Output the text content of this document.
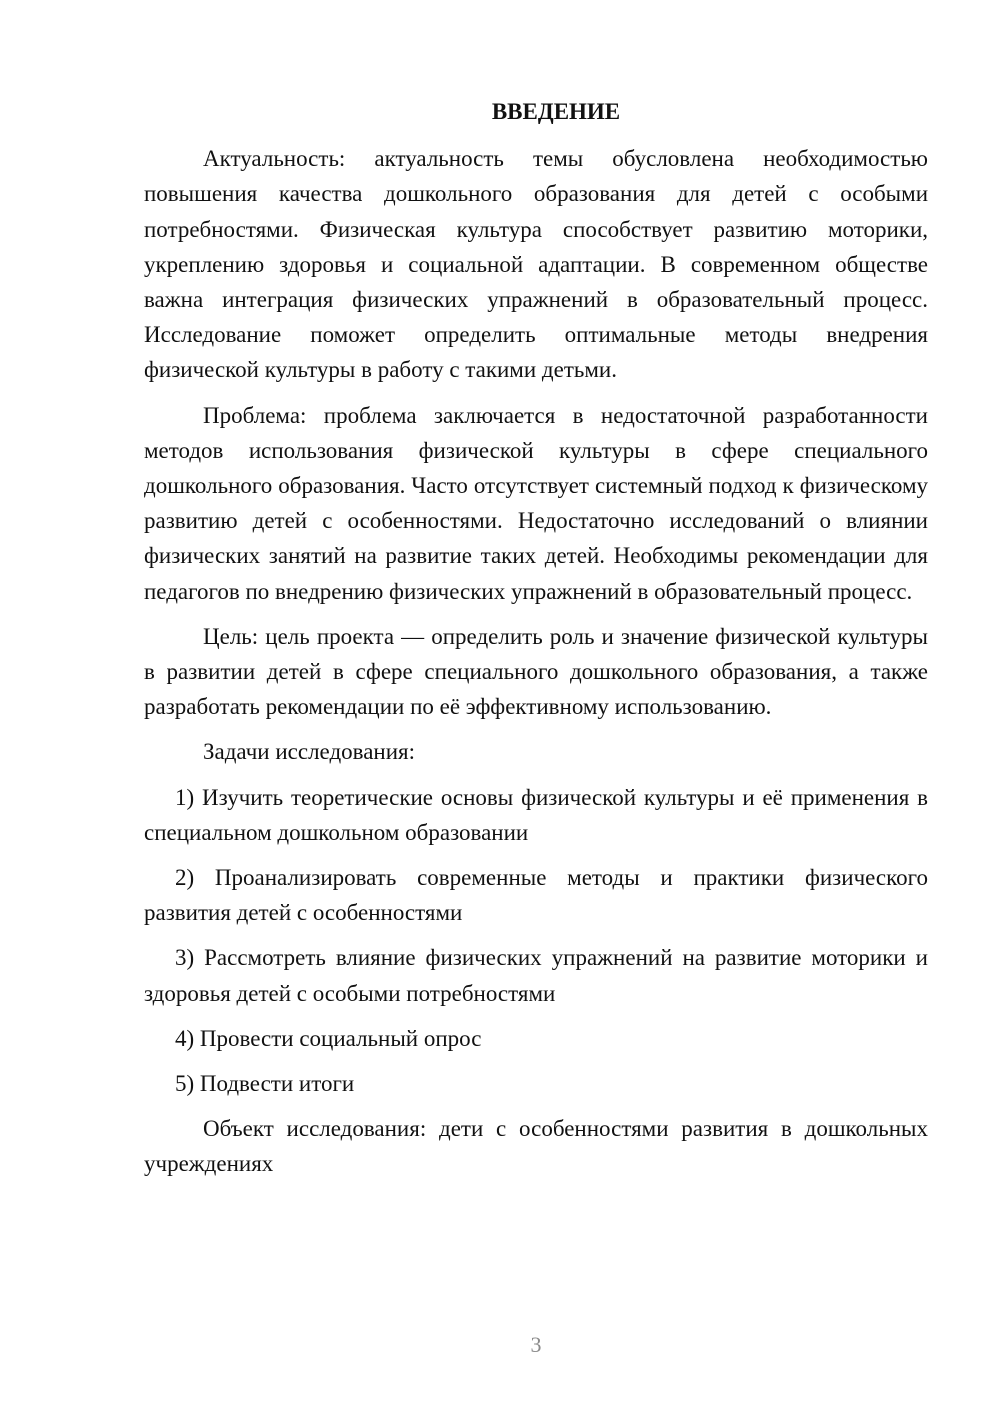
ВВЕДЕНИЕ

Актуальность: актуальность темы обусловлена необходимостью повышения качества дошкольного образования для детей с особыми потребностями. Физическая культура способствует развитию моторики, укреплению здоровья и социальной адаптации. В современном обществе важна интеграция физических упражнений в образовательный процесс. Исследование поможет определить оптимальные методы внедрения физической культуры в работу с такими детьми.

Проблема: проблема заключается в недостаточной разработанности методов использования физической культуры в сфере специального дошкольного образования. Часто отсутствует системный подход к физическому развитию детей с особенностями. Недостаточно исследований о влиянии физических занятий на развитие таких детей. Необходимы рекомендации для педагогов по внедрению физических упражнений в образовательный процесс.

Цель: цель проекта — определить роль и значение физической культуры в развитии детей в сфере специального дошкольного образования, а также разработать рекомендации по её эффективному использованию.

Задачи исследования:

1) Изучить теоретические основы физической культуры и её применения в специальном дошкольном образовании

2) Проанализировать современные методы и практики физического развития детей с особенностями

3) Рассмотреть влияние физических упражнений на развитие моторики и здоровья детей с особыми потребностями

4) Провести социальный опрос

5) Подвести итоги

Объект исследования: дети с особенностями развития в дошкольных учреждениях

3
